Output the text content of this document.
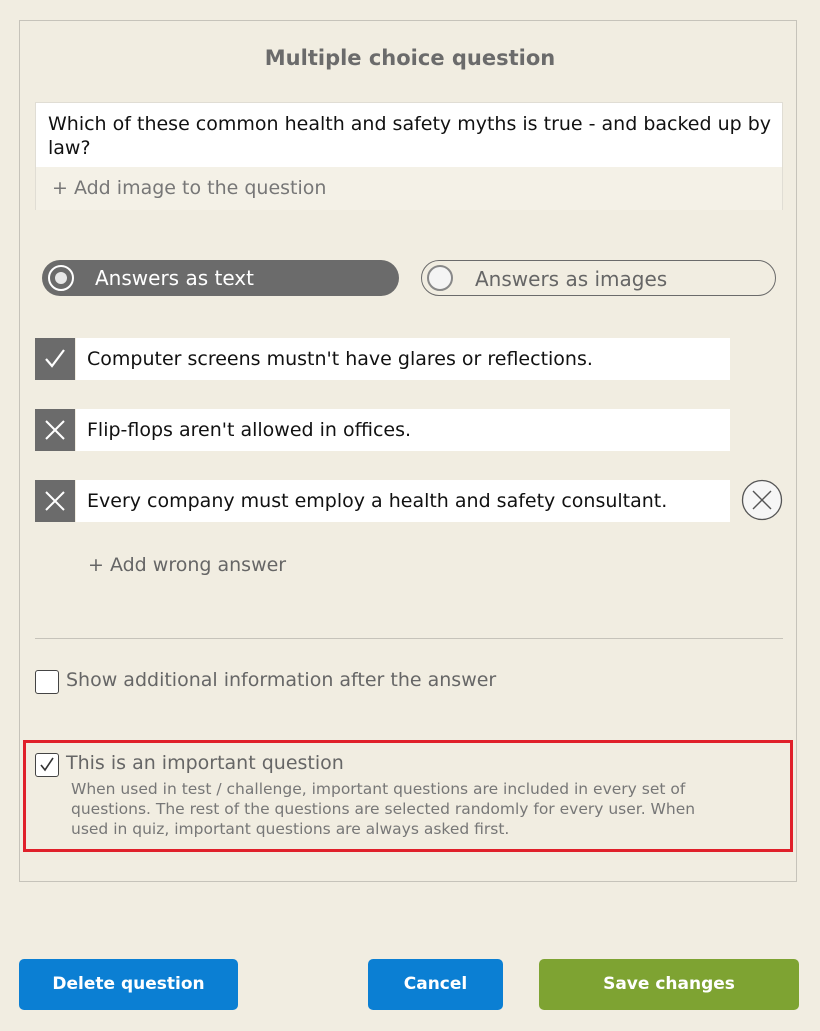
Multiple choice question
Which of these common health and safety myths is true - and backed up by law?
+ Add image to the question
Answers as text	Answers as images
Computer screens mustn't have glares or reflections.
Flip-flops aren't allowed in offices.
Every company must employ a health and safety consultant.
+ Add wrong answer
Show additional information after the answer
This is an important question
When used in test / challenge, important questions are included in every set of
questions. The rest of the questions are selected randomly for every user. When
used in quiz, important questions are always asked first.
Delete question	Cancel	Save changes
